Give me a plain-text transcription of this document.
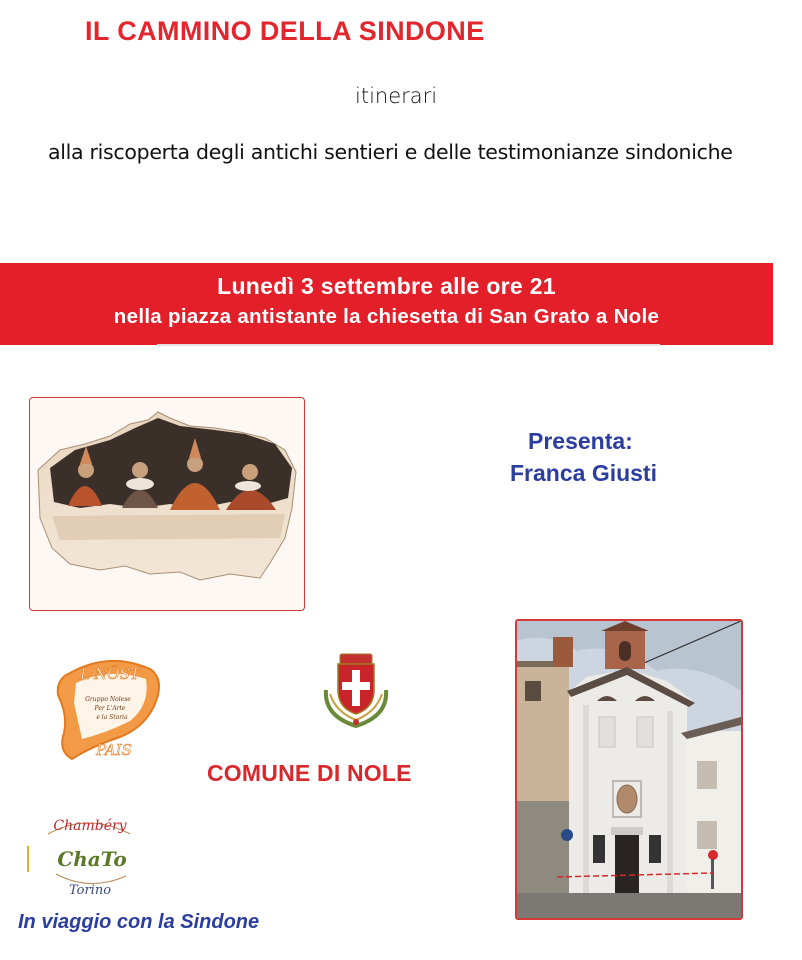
IL CAMMINO DELLA SINDONE
itinerari
alla riscoperta degli antichi sentieri e delle testimonianze sindoniche
Lunedì 3 settembre alle ore 21
nella piazza antistante la chiesetta di San Grato a Nole
Presenta:
Franca Giusti
L'NÔST
Gruppo Nolese
Per L'Arte
e la Storia
PAIS
COMUNE DI NOLE
Chambéry
ChaTo
Torino
In viaggio con la Sindone
